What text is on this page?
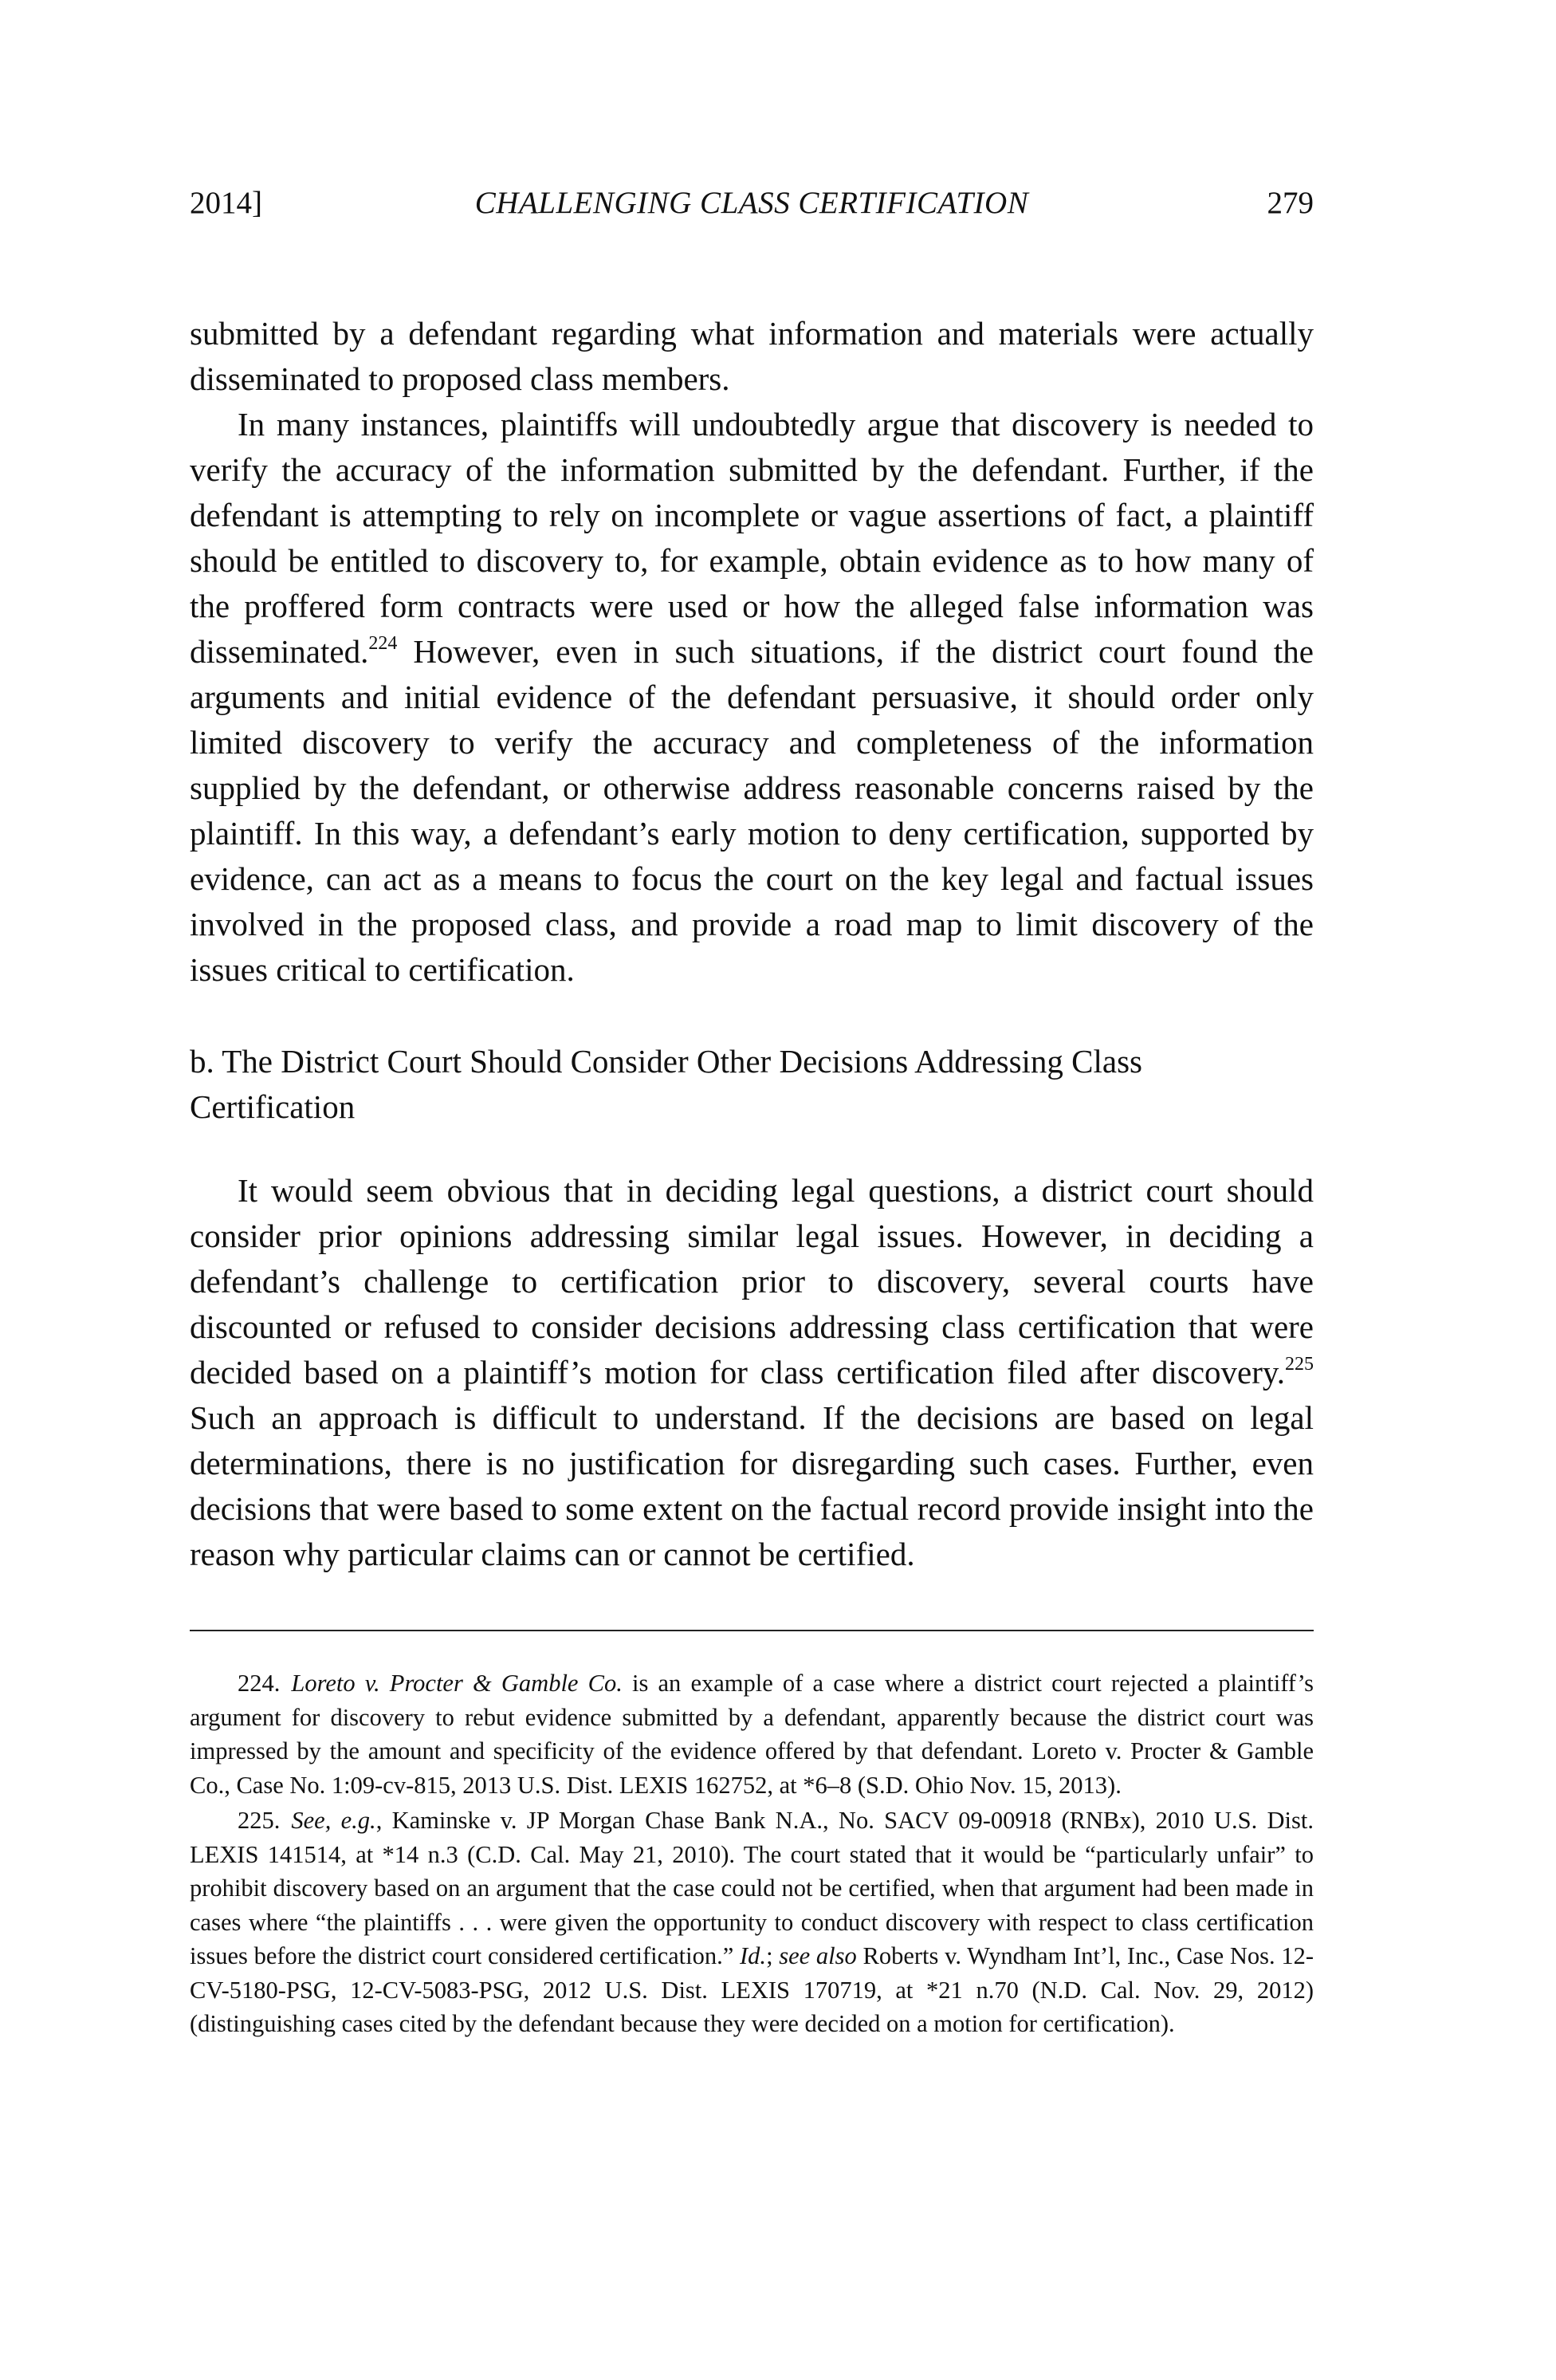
2014]	CHALLENGING CLASS CERTIFICATION	279

submitted by a defendant regarding what information and materials were actually disseminated to proposed class members.

In many instances, plaintiffs will undoubtedly argue that discovery is needed to verify the accuracy of the information submitted by the defendant. Further, if the defendant is attempting to rely on incomplete or vague assertions of fact, a plaintiff should be entitled to discovery to, for example, obtain evidence as to how many of the proffered form contracts were used or how the alleged false information was disseminated.$^{224}$ However, even in such situations, if the district court found the arguments and initial evidence of the defendant persuasive, it should order only limited discovery to verify the accuracy and completeness of the information supplied by the defendant, or otherwise address reasonable concerns raised by the plaintiff. In this way, a defendant’s early motion to deny certification, supported by evidence, can act as a means to focus the court on the key legal and factual issues involved in the proposed class, and provide a road map to limit discovery of the issues critical to certification.

b. The District Court Should Consider Other Decisions Addressing Class Certification

It would seem obvious that in deciding legal questions, a district court should consider prior opinions addressing similar legal issues. However, in deciding a defendant’s challenge to certification prior to discovery, several courts have discounted or refused to consider decisions addressing class certification that were decided based on a plaintiff’s motion for class certification filed after discovery.$^{225}$ Such an approach is difficult to understand. If the decisions are based on legal determinations, there is no justification for disregarding such cases. Further, even decisions that were based to some extent on the factual record provide insight into the reason why particular claims can or cannot be certified.

224. Loreto v. Procter & Gamble Co. is an example of a case where a district court rejected a plaintiff’s argument for discovery to rebut evidence submitted by a defendant, apparently because the district court was impressed by the amount and specificity of the evidence offered by that defendant. Loreto v. Procter & Gamble Co., Case No. 1:09-cv-815, 2013 U.S. Dist. LEXIS 162752, at *6–8 (S.D. Ohio Nov. 15, 2013).

225. See, e.g., Kaminske v. JP Morgan Chase Bank N.A., No. SACV 09-00918 (RNBx), 2010 U.S. Dist. LEXIS 141514, at *14 n.3 (C.D. Cal. May 21, 2010). The court stated that it would be “particularly unfair” to prohibit discovery based on an argument that the case could not be certified, when that argument had been made in cases where “the plaintiffs . . . were given the opportunity to conduct discovery with respect to class certification issues before the district court considered certification.” Id.; see also Roberts v. Wyndham Int’l, Inc., Case Nos. 12-CV-5180-PSG, 12-CV-5083-PSG, 2012 U.S. Dist. LEXIS 170719, at *21 n.70 (N.D. Cal. Nov. 29, 2012) (distinguishing cases cited by the defendant because they were decided on a motion for certification).
